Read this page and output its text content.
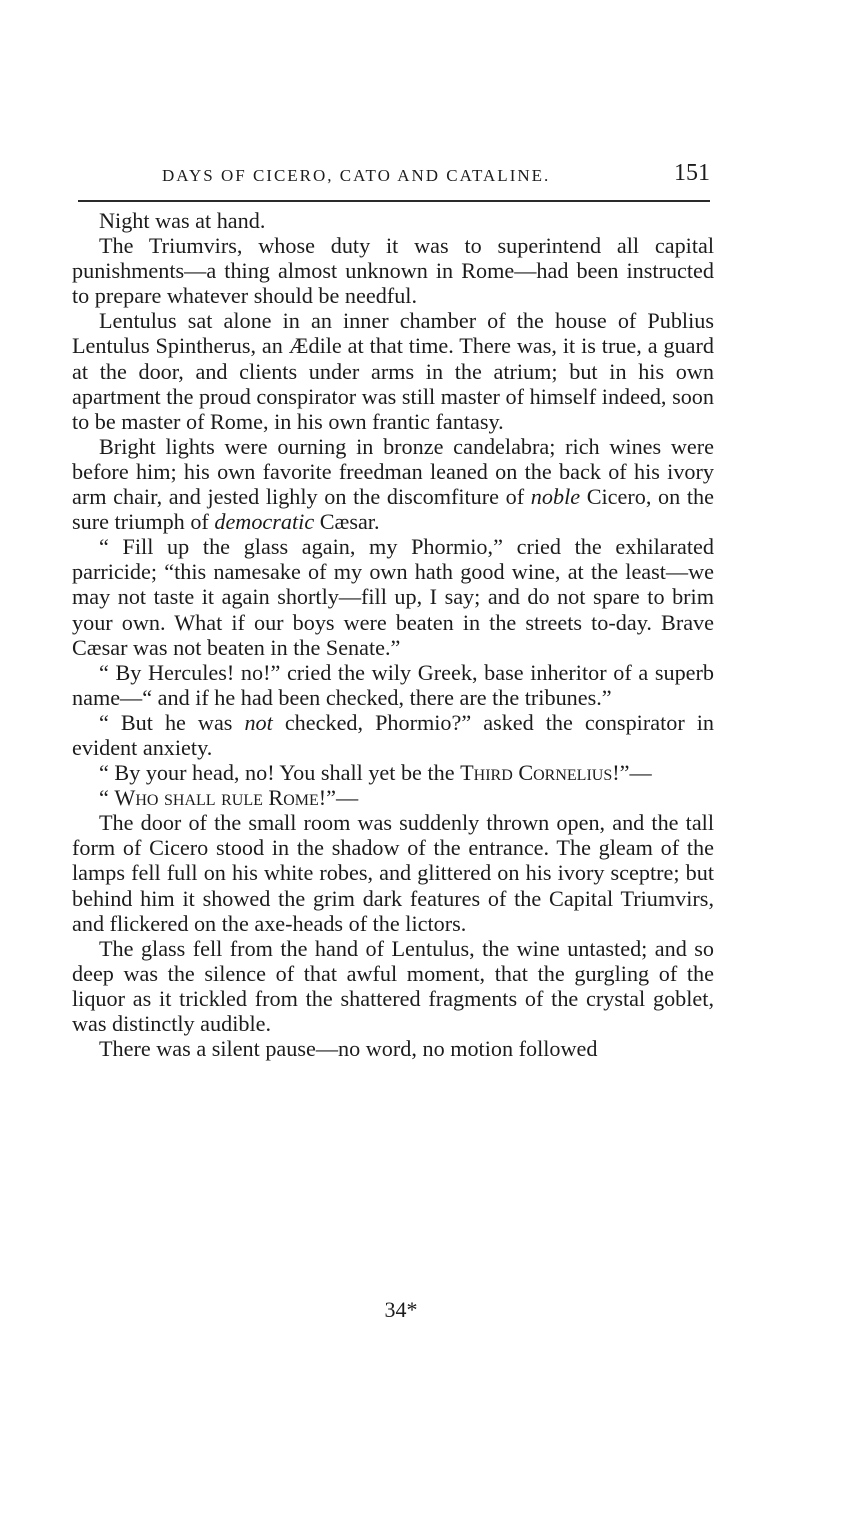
DAYS OF CICERO, CATO AND CATALINE.	151

Night was at hand.

The Triumvirs, whose duty it was to superintend all capital punishments—a thing almost unknown in Rome—had been instructed to prepare whatever should be needful.

Lentulus sat alone in an inner chamber of the house of Publius Lentulus Spintherus, an Ædile at that time. There was, it is true, a guard at the door, and clients under arms in the atrium; but in his own apartment the proud conspirator was still master of himself indeed, soon to be master of Rome, in his own frantic fantasy.

Bright lights were ourning in bronze candelabra; rich wines were before him; his own favorite freedman leaned on the back of his ivory arm chair, and jested lighly on the discomfiture of noble Cicero, on the sure triumph of democratic Cæsar.

“ Fill up the glass again, my Phormio,” cried the exhilarated parricide; “this namesake of my own hath good wine, at the least—we may not taste it again shortly—fill up, I say; and do not spare to brim your own. What if our boys were beaten in the streets to-day. Brave Cæsar was not beaten in the Senate.”

“ By Hercules! no!” cried the wily Greek, base inheritor of a superb name—“ and if he had been checked, there are the tribunes.”

“ But he was not checked, Phormio?” asked the conspirator in evident anxiety.

“ By your head, no! You shall yet be the Third Cornelius!”—

“ Who shall rule Rome!”—

The door of the small room was suddenly thrown open, and the tall form of Cicero stood in the shadow of the entrance. The gleam of the lamps fell full on his white robes, and glittered on his ivory sceptre; but behind him it showed the grim dark features of the Capital Triumvirs, and flickered on the axe-heads of the lictors.

The glass fell from the hand of Lentulus, the wine untasted; and so deep was the silence of that awful moment, that the gurgling of the liquor as it trickled from the shattered fragments of the crystal goblet, was distinctly audible.

There was a silent pause—no word, no motion followed

34*
